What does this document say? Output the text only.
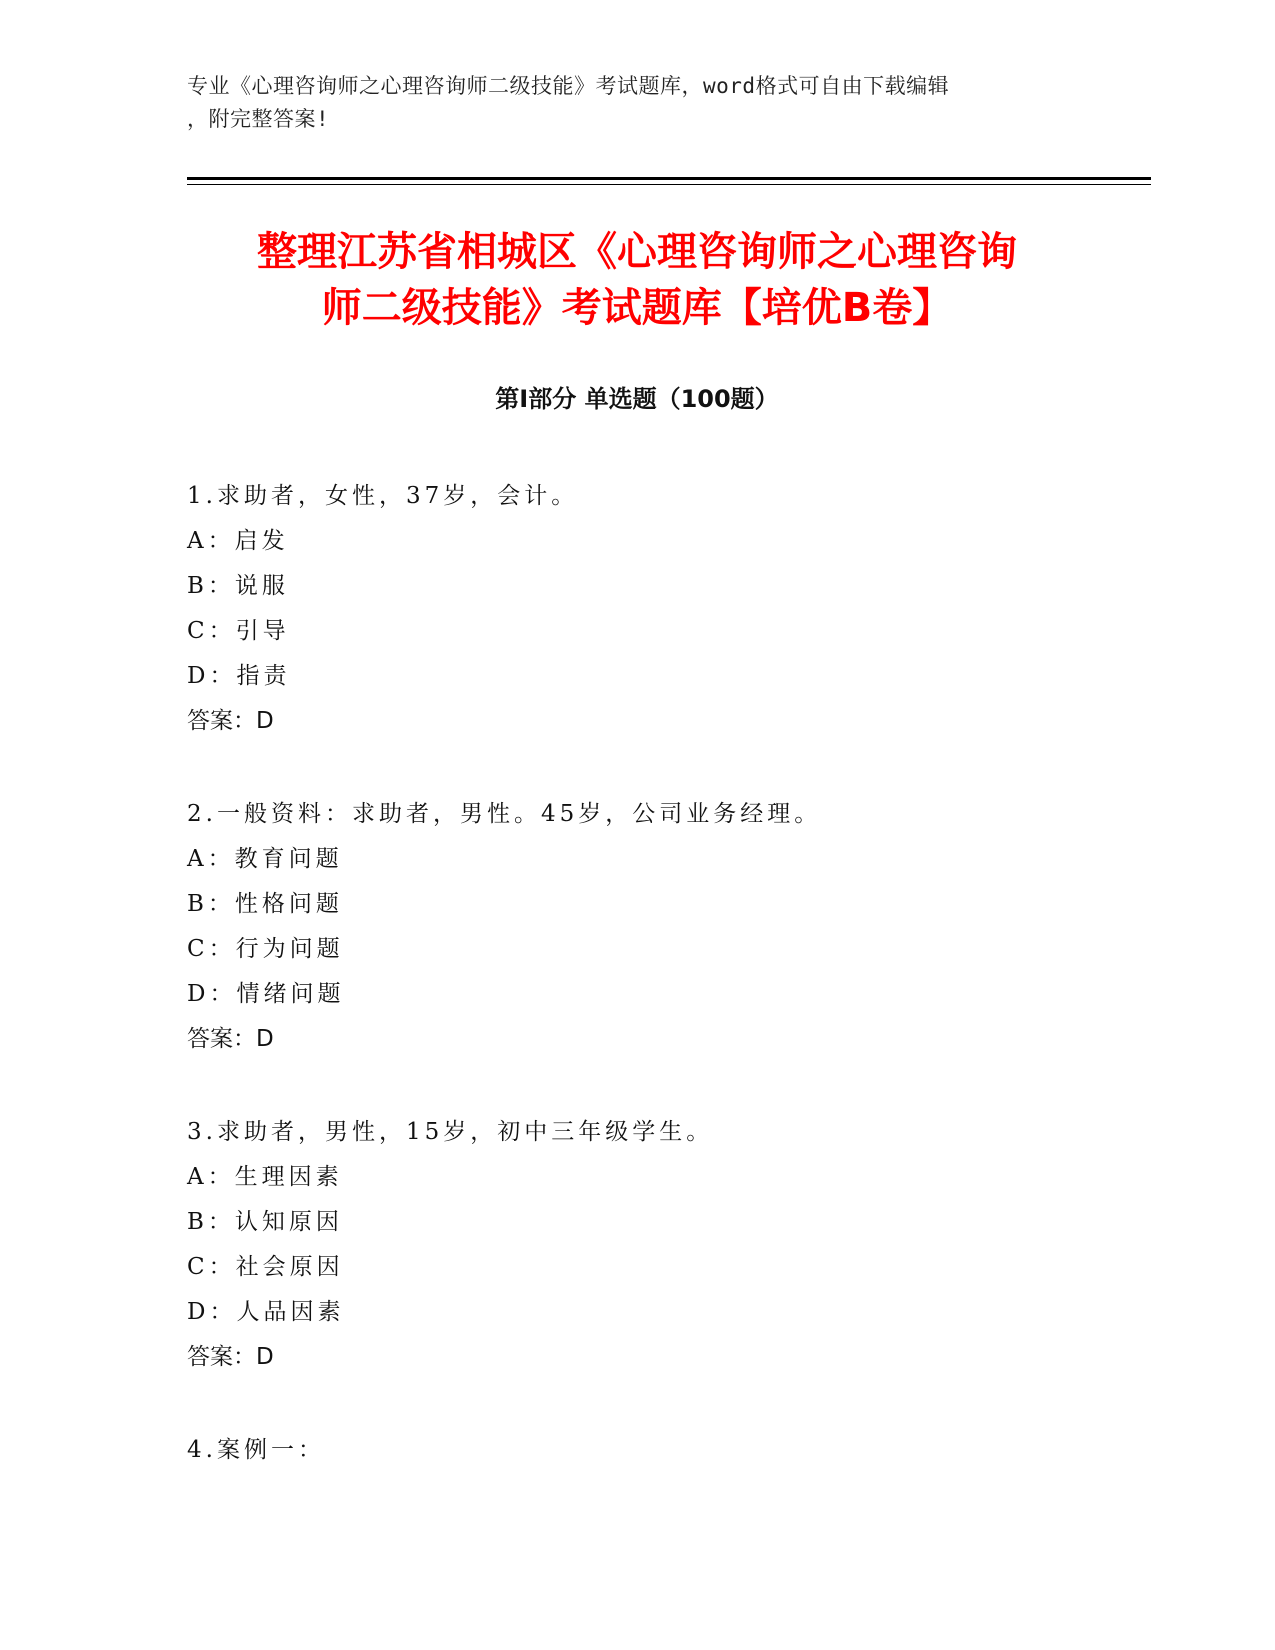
专业《心理咨询师之心理咨询师二级技能》考试题库，word格式可自由下载编辑
，附完整答案!
整理江苏省相城区《心理咨询师之心理咨询
师二级技能》考试题库【培优B卷】
第Ⅰ部分 单选题（100题）
1.求助者，女性，37岁，会计。
A：启发
B：说服
C：引导
D：指责
答案：D
2.一般资料：求助者，男性。45岁，公司业务经理。
A：教育问题
B：性格问题
C：行为问题
D：情绪问题
答案：D
3.求助者，男性，15岁，初中三年级学生。
A：生理因素
B：认知原因
C：社会原因
D：人品因素
答案：D
4.案例一：
